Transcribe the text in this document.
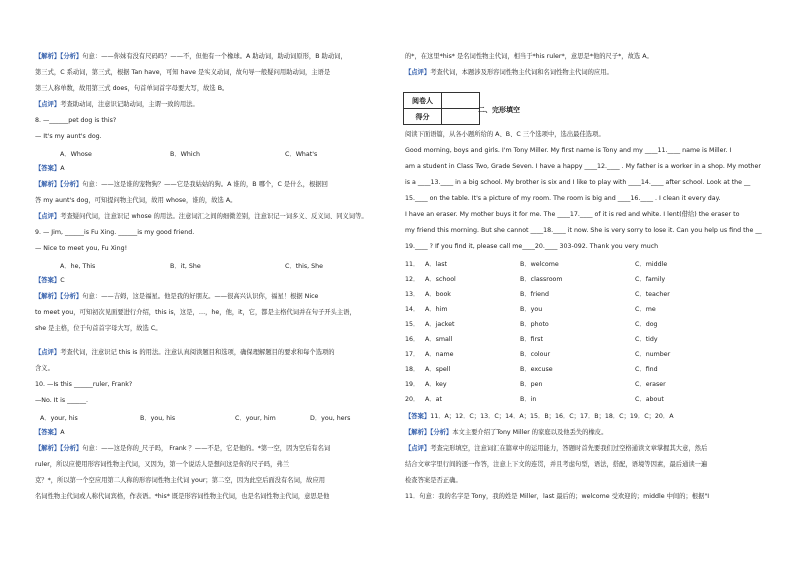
【解析】【分析】句意：——你妹有没有尺码吗？——不，但他有一个橡球。A 助动词，助动词原形，B 助动词，
第三式，C 系动词，第三式，根据 Tan have，可知 have 是实义动词，故句导一般疑问用助动词，主语是
第三人称单数，故用第三式 does，句首单词首字母要大写，故选 B。
【点评】考查助动词，注意识记助动词，主谓一致的用法。
8. —______pet dog is this?
— It's my aunt's dog.
【答案】A
【解析】【分析】句意：——这是谁的宠物狗？——它是我姑姑的狗。A 谁的，B 哪个，C 是什么，根据回
答 my aunt's dog，可知提问物主代词，故用 whose，谁的，故选 A。
【点评】考查疑问代词，注意识记 whose 的用法。注意词汇之间的细微差别，注意识记一词多义、反义词、同义词等。
9. — Jim, ______is Fu Xing. ______is my good friend.
— Nice to meet you, Fu Xing!
【答案】C
【解析】【分析】句意：——吉姆，这是福星。他是我的好朋友。——很高兴认识你，福星！根据 Nice
to meet you，可知初次见面要进行介绍，this is，这是，…，he，他，it，它，都是主格代词并在句子开头主语，
she 是主格，位于句首首字母大写，故选 C。
【点评】考查代词，注意识记 this is 的用法。注意认真阅读题目和选项，确保理解题目的要求和每个选项的
含义。
10. —Is this ______ruler, Frank?
—No. It is ______.
【答案】A
【解析】【分析】句意：——这是你的_尺子吗， Frank ？——不是，它是他的。*第一空，因为空后有名词
ruler，所以应使用形容词性物主代词，又因为，第一个说话人是想问这是你的尺子吗，弗兰
克？*，所以第一个空应用第二人称的形容词性物主代词 your；第二空，因为此空后面没有名词，故应用
名词性物主代词或人称代词宾格，作表语。*his* 既是形容词性物主代词，也是名词性物主代词，意思是他
A．Whose	B．Which	C．What's
A．he, This	B．it, She	C．this, She
A．your, his	B．you, his	C．your, him	D．you, hers
的*，在这里*his* 是名词性物主代词，相当于*his ruler*，意思是*他的尺子*，故选 A。
【点评】考查代词，本题涉及形容词性物主代词和名词性物主代词的应用。
阅读下面语篇，从各小题所给的 A、B、C 三个选项中，选出最佳选项。
Good morning, boys and girls. I'm Tony Miller. My first name is Tony and my ____11.____ name is Miller. I
am a student in Class Two, Grade Seven. I have a happy ____12.____ . My father is a worker in a shop. My mother
is a ____13.____ in a big school. My brother is six and I like to play with ____14.____ after school. Look at the __
15.____ on the table. It's a picture of my room. The room is big and ____16.____ . I clean it every day.
I have an eraser. My mother buys it for me. The ____17.____ of it is red and white. I lent(借给) the eraser to
my friend this morning. But she cannot ____18.____ it now. She is very sorry to lose it. Can you help us find the __
19.____ ? If you find it, please call me____20.____ 303-092. Thank you very much
【答案】11．A；12．C；13．C；14．A；15．B；16．C；17．B；18．C；19．C；20．A
【解析】【分析】本文主要介绍了Tony Miller 的家庭以及他丢失的橡皮。
【点评】考查完形填空，注意词汇在篇章中的运用能力，答题时首先要我们过空格通读文章掌握其大意，然后
结合文章字里行间的逐一作答，注意上下文的连贯，并且考虑句型，语法，搭配，语境等因素，最后通读一遍
检查答案是否正确。
11．句意：我的名字是 Tony，我的姓是 Miller，last 最后的；welcome 受欢迎的；middle 中间的；根据"I
11． A．last	B．welcome	C．middle
12． A．school	B．classroom	C．family
13． A．book	B．friend	C．teacher
14． A．him	B．you	C．me
15． A．jacket	B．photo	C．dog
16． A．small	B．first	C．tidy
17． A．name	B．colour	C．number
18． A．spell	B．excuse	C．find
19． A．key	B．pen	C．eraser
20． A．at	B．in	C．about
阅卷人	
得分	
二、完形填空
